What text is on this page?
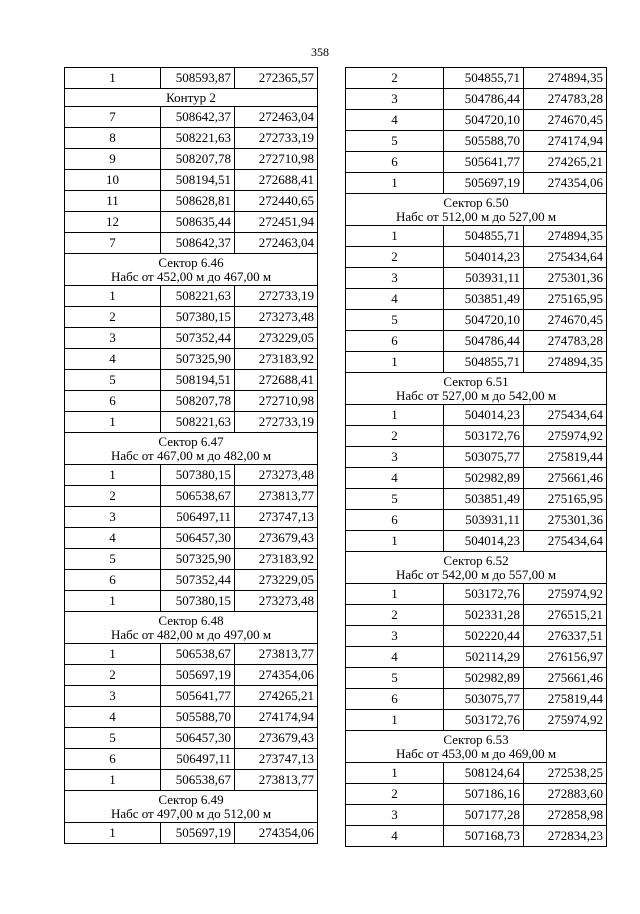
358
1	508593,87	272365,57

Контур 2		

7	508642,37	272463,04
8	508221,63	272733,19
9	508207,78	272710,98
10	508194,51	272688,41
11	508628,81	272440,65
12	508635,44	272451,94
7	508642,37	272463,04

Сектор 6.46
Набс от 452,00 м до 467,00 м		

1	508221,63	272733,19
2	507380,15	273273,48
3	507352,44	273229,05
4	507325,90	273183,92
5	508194,51	272688,41
6	508207,78	272710,98
1	508221,63	272733,19

Сектор 6.47
Набс от 467,00 м до 482,00 м		

1	507380,15	273273,48
2	506538,67	273813,77
3	506497,11	273747,13
4	506457,30	273679,43
5	507325,90	273183,92
6	507352,44	273229,05
1	507380,15	273273,48

Сектор 6.48
Набс от 482,00 м до 497,00 м		

1	506538,67	273813,77
2	505697,19	274354,06
3	505641,77	274265,21
4	505588,70	274174,94
5	506457,30	273679,43
6	506497,11	273747,13
1	506538,67	273813,77

Сектор 6.49
Набс от 497,00 м до 512,00 м		

1	505697,19	274354,06
2	504855,71	274894,35
3	504786,44	274783,28
4	504720,10	274670,45
5	505588,70	274174,94
6	505641,77	274265,21
1	505697,19	274354,06

Сектор 6.50
Набс от 512,00 м до 527,00 м		

1	504855,71	274894,35
2	504014,23	275434,64
3	503931,11	275301,36
4	503851,49	275165,95
5	504720,10	274670,45
6	504786,44	274783,28
1	504855,71	274894,35

Сектор 6.51
Набс от 527,00 м до 542,00 м		

1	504014,23	275434,64
2	503172,76	275974,92
3	503075,77	275819,44
4	502982,89	275661,46
5	503851,49	275165,95
6	503931,11	275301,36
1	504014,23	275434,64

Сектор 6.52
Набс от 542,00 м до 557,00 м		

1	503172,76	275974,92
2	502331,28	276515,21
3	502220,44	276337,51
4	502114,29	276156,97
5	502982,89	275661,46
6	503075,77	275819,44
1	503172,76	275974,92

Сектор 6.53
Набс от 453,00 м до 469,00 м		

1	508124,64	272538,25
2	507186,16	272883,60
3	507177,28	272858,98
4	507168,73	272834,23
